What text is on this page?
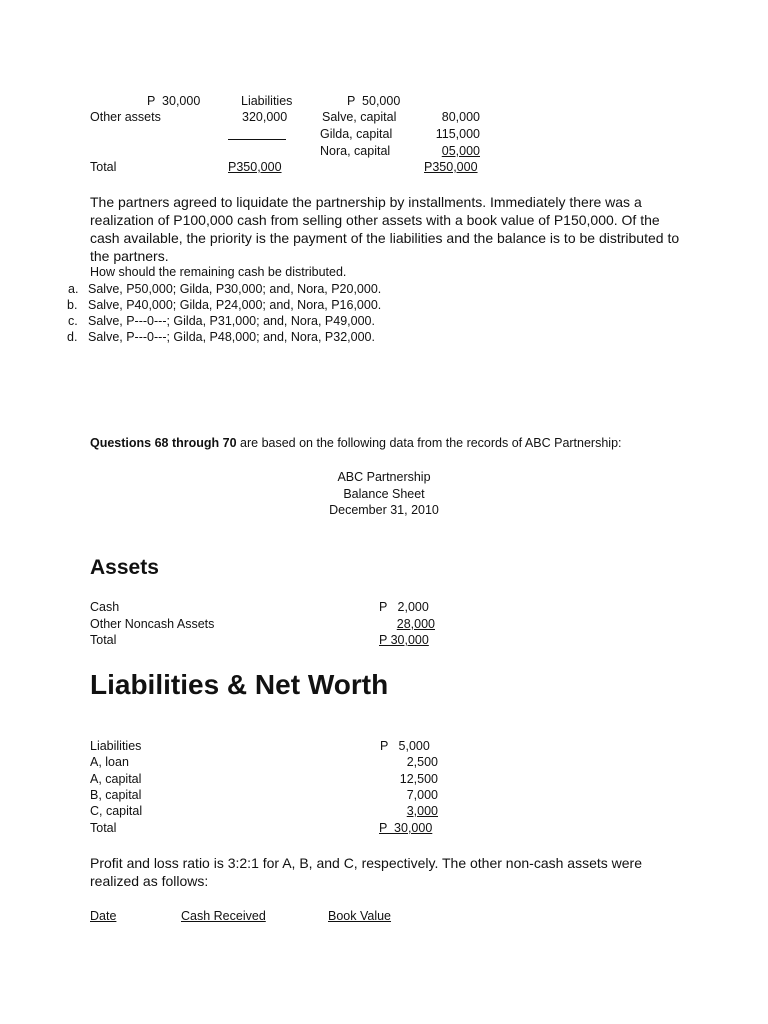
P  30,000	Liabilities	P  50,000
Other assets	320,000	Salve, capital	80,000
Gilda, capital	115,000
Nora, capital	05,000
Total	P350,000	P350,000
The partners agreed to liquidate the partnership by installments. Immediately there was a realization of P100,000 cash from selling other assets with a book value of P150,000. Of the cash available, the priority is the payment of the liabilities and the balance is to be distributed to the partners.
How should the remaining cash be distributed.
a. Salve, P50,000; Gilda, P30,000; and, Nora, P20,000.
b. Salve, P40,000; Gilda, P24,000; and, Nora, P16,000.
c. Salve, P---0---; Gilda, P31,000; and, Nora, P49,000.
d. Salve, P---0---; Gilda, P48,000; and, Nora, P32,000.
Questions 68 through 70 are based on the following data from the records of ABC Partnership:
ABC Partnership
Balance Sheet
December 31, 2010
Assets
Cash	P   2,000
Other Noncash Assets	28,000
Total	P 30,000
Liabilities & Net Worth
Liabilities	P   5,000
A, loan	2,500
A, capital	12,500
B, capital	7,000
C, capital	3,000
Total	P  30,000
Profit and loss ratio is 3:2:1 for A, B, and C, respectively. The other non-cash assets were realized as follows:
Date	Cash Received	Book Value
